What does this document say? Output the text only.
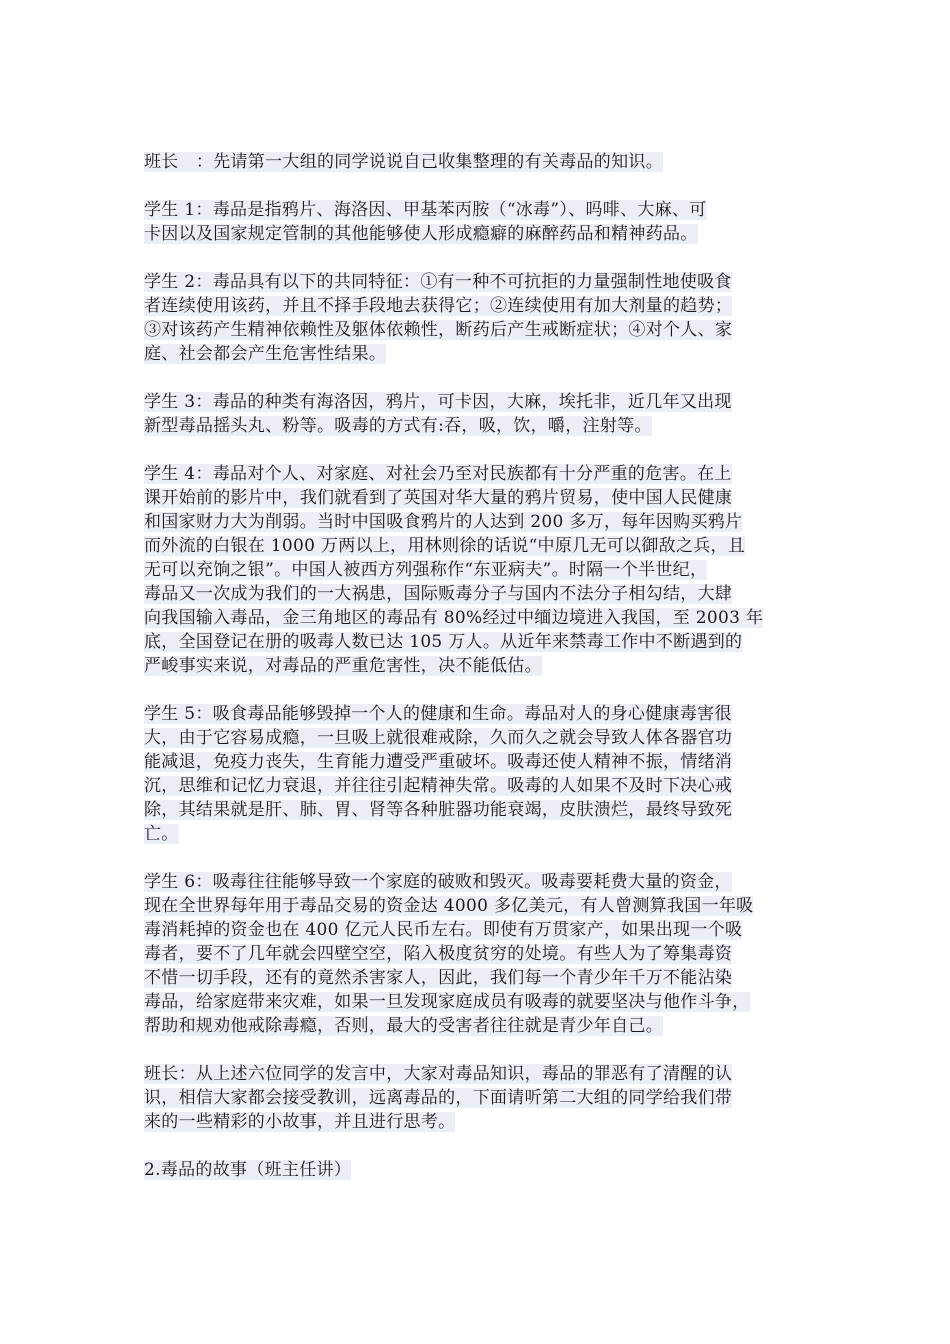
班长　：先请第一大组的同学说说自己收集整理的有关毒品的知识。

学生 1：毒品是指鸦片、海洛因、甲基苯丙胺（“冰毒”）、吗啡、大麻、可
卡因以及国家规定管制的其他能够使人形成瘾癖的麻醉药品和精神药品。

学生 2：毒品具有以下的共同特征：①有一种不可抗拒的力量强制性地使吸食
者连续使用该药，并且不择手段地去获得它；②连续使用有加大剂量的趋势；
③对该药产生精神依赖性及躯体依赖性，断药后产生戒断症状；④对个人、家
庭、社会都会产生危害性结果。

学生 3：毒品的种类有海洛因，鸦片，可卡因，大麻，埃托非，近几年又出现
新型毒品摇头丸、粉等。吸毒的方式有:吞，吸，饮，嚼，注射等。

学生 4：毒品对个人、对家庭、对社会乃至对民族都有十分严重的危害。在上
课开始前的影片中，我们就看到了英国对华大量的鸦片贸易，使中国人民健康
和国家财力大为削弱。当时中国吸食鸦片的人达到 200 多万，每年因购买鸦片
而外流的白银在 1000 万两以上，用林则徐的话说“中原几无可以御敌之兵，且
无可以充饷之银”。中国人被西方列强称作“东亚病夫”。时隔一个半世纪，
毒品又一次成为我们的一大祸患，国际贩毒分子与国内不法分子相勾结，大肆
向我国输入毒品，金三角地区的毒品有 80%经过中缅边境进入我国，至 2003 年
底，全国登记在册的吸毒人数已达 105 万人。从近年来禁毒工作中不断遇到的
严峻事实来说，对毒品的严重危害性，决不能低估。

学生 5：吸食毒品能够毁掉一个人的健康和生命。毒品对人的身心健康毒害很
大，由于它容易成瘾，一旦吸上就很难戒除，久而久之就会导致人体各器官功
能减退，免疫力丧失，生育能力遭受严重破坏。吸毒还使人精神不振，情绪消
沉，思维和记忆力衰退，并往往引起精神失常。吸毒的人如果不及时下决心戒
除，其结果就是肝、肺、胃、肾等各种脏器功能衰竭，皮肤溃烂，最终导致死
亡。

学生 6：吸毒往往能够导致一个家庭的破败和毁灭。吸毒要耗费大量的资金，
现在全世界每年用于毒品交易的资金达 4000 多亿美元，有人曾测算我国一年吸
毒消耗掉的资金也在 400 亿元人民币左右。即使有万贯家产，如果出现一个吸
毒者，要不了几年就会四壁空空，陷入极度贫穷的处境。有些人为了筹集毒资
不惜一切手段，还有的竟然杀害家人，因此，我们每一个青少年千万不能沾染
毒品，给家庭带来灾难，如果一旦发现家庭成员有吸毒的就要坚决与他作斗争，
帮助和规劝他戒除毒瘾，否则，最大的受害者往往就是青少年自己。

班长：从上述六位同学的发言中，大家对毒品知识，毒品的罪恶有了清醒的认
识，相信大家都会接受教训，远离毒品的，下面请听第二大组的同学给我们带
来的一些精彩的小故事，并且进行思考。

2.毒品的故事（班主任讲）
